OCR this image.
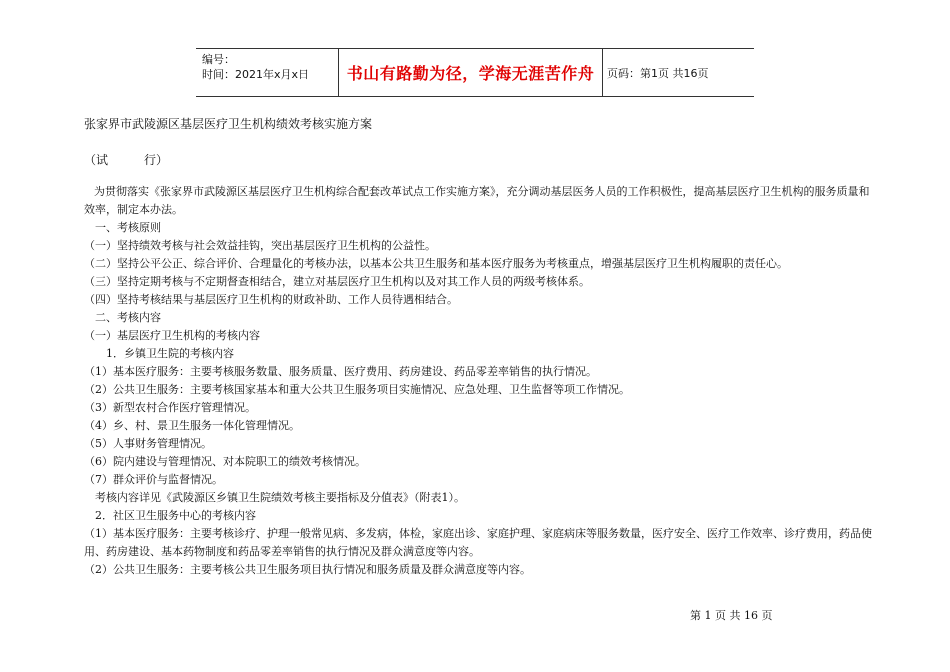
编号：
时间：2021年x月x日	书山有路勤为径，学海无涯苦作舟	页码：第1页 共16页
张家界市武陵源区基层医疗卫生机构绩效考核实施方案
（试　　　行）

为贯彻落实《张家界市武陵源区基层医疗卫生机构综合配套改革试点工作实施方案》，充分调动基层医务人员的工作积极性，提高基层医疗卫生机构的服务质量和效率，制定本办法。

　一、考核原则

（一）坚持绩效考核与社会效益挂钩，突出基层医疗卫生机构的公益性。

（二）坚持公平公正、综合评价、合理量化的考核办法，以基本公共卫生服务和基本医疗服务为考核重点，增强基层医疗卫生机构履职的责任心。

（三）坚持定期考核与不定期督查相结合，建立对基层医疗卫生机构以及对其工作人员的两级考核体系。

（四）坚持考核结果与基层医疗卫生机构的财政补助、工作人员待遇相结合。

　二、考核内容

（一）基层医疗卫生机构的考核内容

　　1．乡镇卫生院的考核内容

（1）基本医疗服务：主要考核服务数量、服务质量、医疗费用、药房建设、药品零差率销售的执行情况。

（2）公共卫生服务：主要考核国家基本和重大公共卫生服务项目实施情况、应急处理、卫生监督等项工作情况。

（3）新型农村合作医疗管理情况。

（4）乡、村、景卫生服务一体化管理情况。

（5）人事财务管理情况。

（6）院内建设与管理情况、对本院职工的绩效考核情况。

（7）群众评价与监督情况。

　考核内容详见《武陵源区乡镇卫生院绩效考核主要指标及分值表》（附表1）。

　2．社区卫生服务中心的考核内容

（1）基本医疗服务：主要考核诊疗、护理一般常见病、多发病，体检，家庭出诊、家庭护理、家庭病床等服务数量，医疗安全、医疗工作效率、诊疗费用，药品使用、药房建设、基本药物制度和药品零差率销售的执行情况及群众满意度等内容。

（2）公共卫生服务：主要考核公共卫生服务项目执行情况和服务质量及群众满意度等内容。

第 1 页 共 16 页
